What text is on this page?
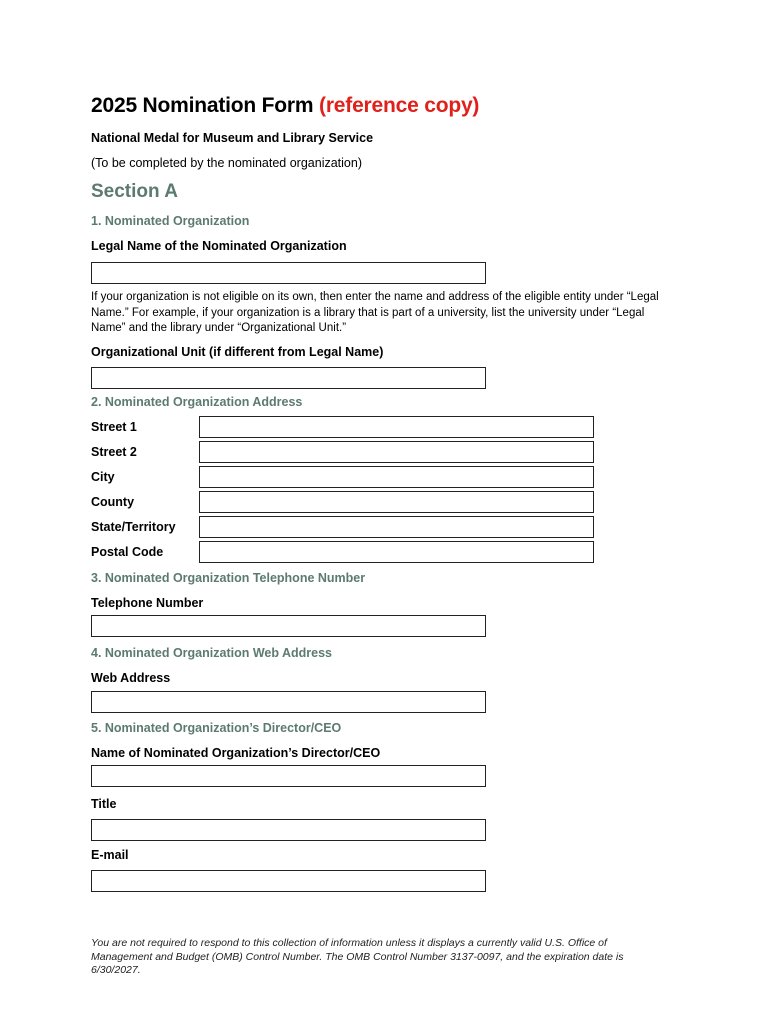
2025 Nomination Form (reference copy)

National Medal for Museum and Library Service

(To be completed by the nominated organization)

Section A

1. Nominated Organization

Legal Name of the Nominated Organization

If your organization is not eligible on its own, then enter the name and address of the eligible entity under “Legal Name.” For example, if your organization is a library that is part of a university, list the university under “Legal Name” and the library under “Organizational Unit.”

Organizational Unit (if different from Legal Name)

2. Nominated Organization Address

Street 1

Street 2

City

County

State/Territory

Postal Code

3. Nominated Organization Telephone Number

Telephone Number

4. Nominated Organization Web Address

Web Address

5. Nominated Organization’s Director/CEO

Name of Nominated Organization’s Director/CEO

Title

E-mail

You are not required to respond to this collection of information unless it displays a currently valid U.S. Office of Management and Budget (OMB) Control Number. The OMB Control Number 3137-0097, and the expiration date is 6/30/2027.
